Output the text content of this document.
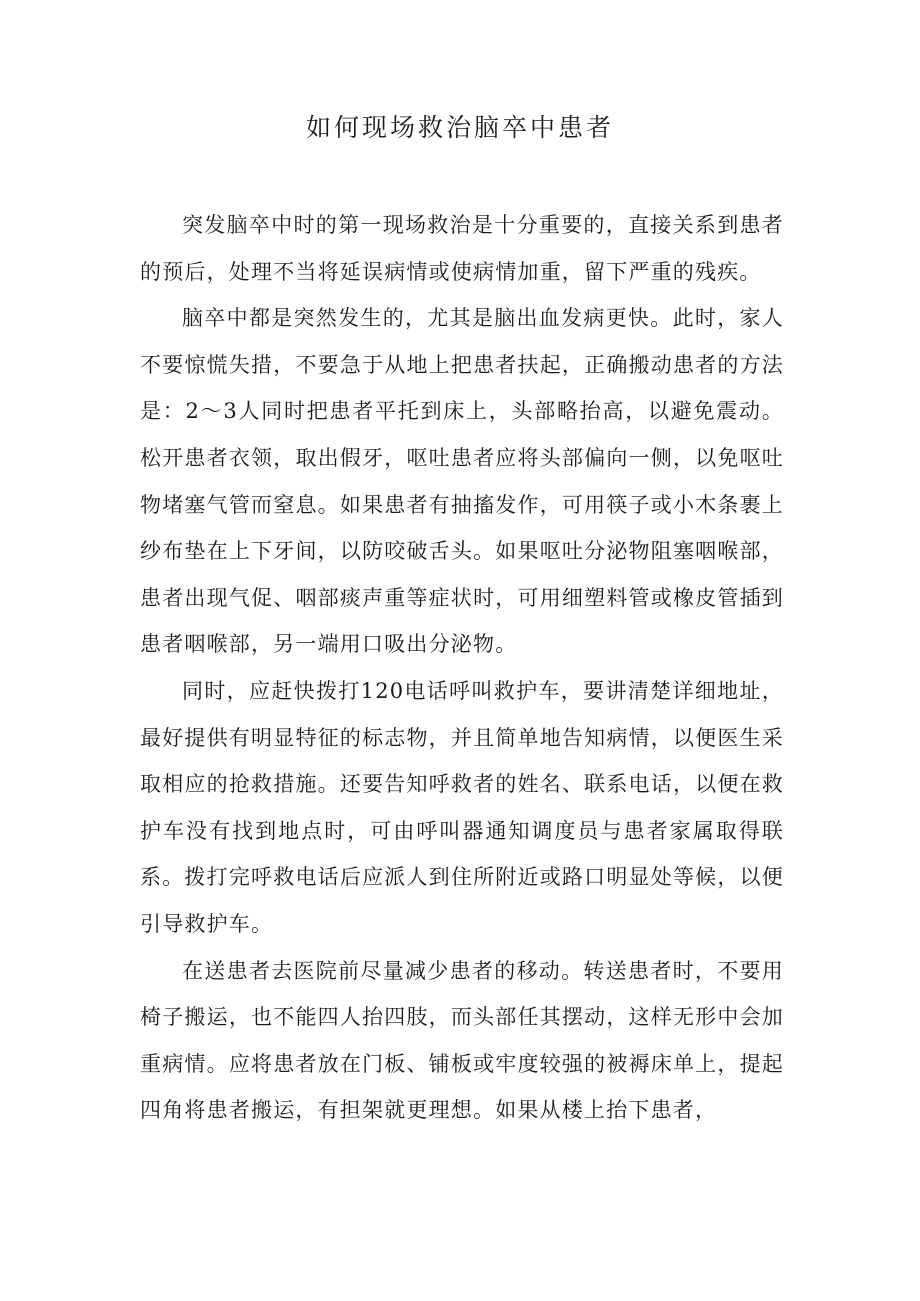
如何现场救治脑卒中患者

突发脑卒中时的第一现场救治是十分重要的，直接关系到患者的预后，处理不当将延误病情或使病情加重，留下严重的残疾。

脑卒中都是突然发生的，尤其是脑出血发病更快。此时，家人不要惊慌失措，不要急于从地上把患者扶起，正确搬动患者的方法是：2～3人同时把患者平托到床上，头部略抬高，以避免震动。松开患者衣领，取出假牙，呕吐患者应将头部偏向一侧，以免呕吐物堵塞气管而窒息。如果患者有抽搐发作，可用筷子或小木条裹上纱布垫在上下牙间，以防咬破舌头。如果呕吐分泌物阻塞咽喉部，患者出现气促、咽部痰声重等症状时，可用细塑料管或橡皮管插到患者咽喉部，另一端用口吸出分泌物。

同时，应赶快拨打120电话呼叫救护车，要讲清楚详细地址，最好提供有明显特征的标志物，并且简单地告知病情，以便医生采取相应的抢救措施。还要告知呼救者的姓名、联系电话，以便在救护车没有找到地点时，可由呼叫器通知调度员与患者家属取得联系。拨打完呼救电话后应派人到住所附近或路口明显处等候，以便引导救护车。

在送患者去医院前尽量减少患者的移动。转送患者时，不要用椅子搬运，也不能四人抬四肢，而头部任其摆动，这样无形中会加重病情。应将患者放在门板、铺板或牢度较强的被褥床单上，提起四角将患者搬运，有担架就更理想。如果从楼上抬下患者，
